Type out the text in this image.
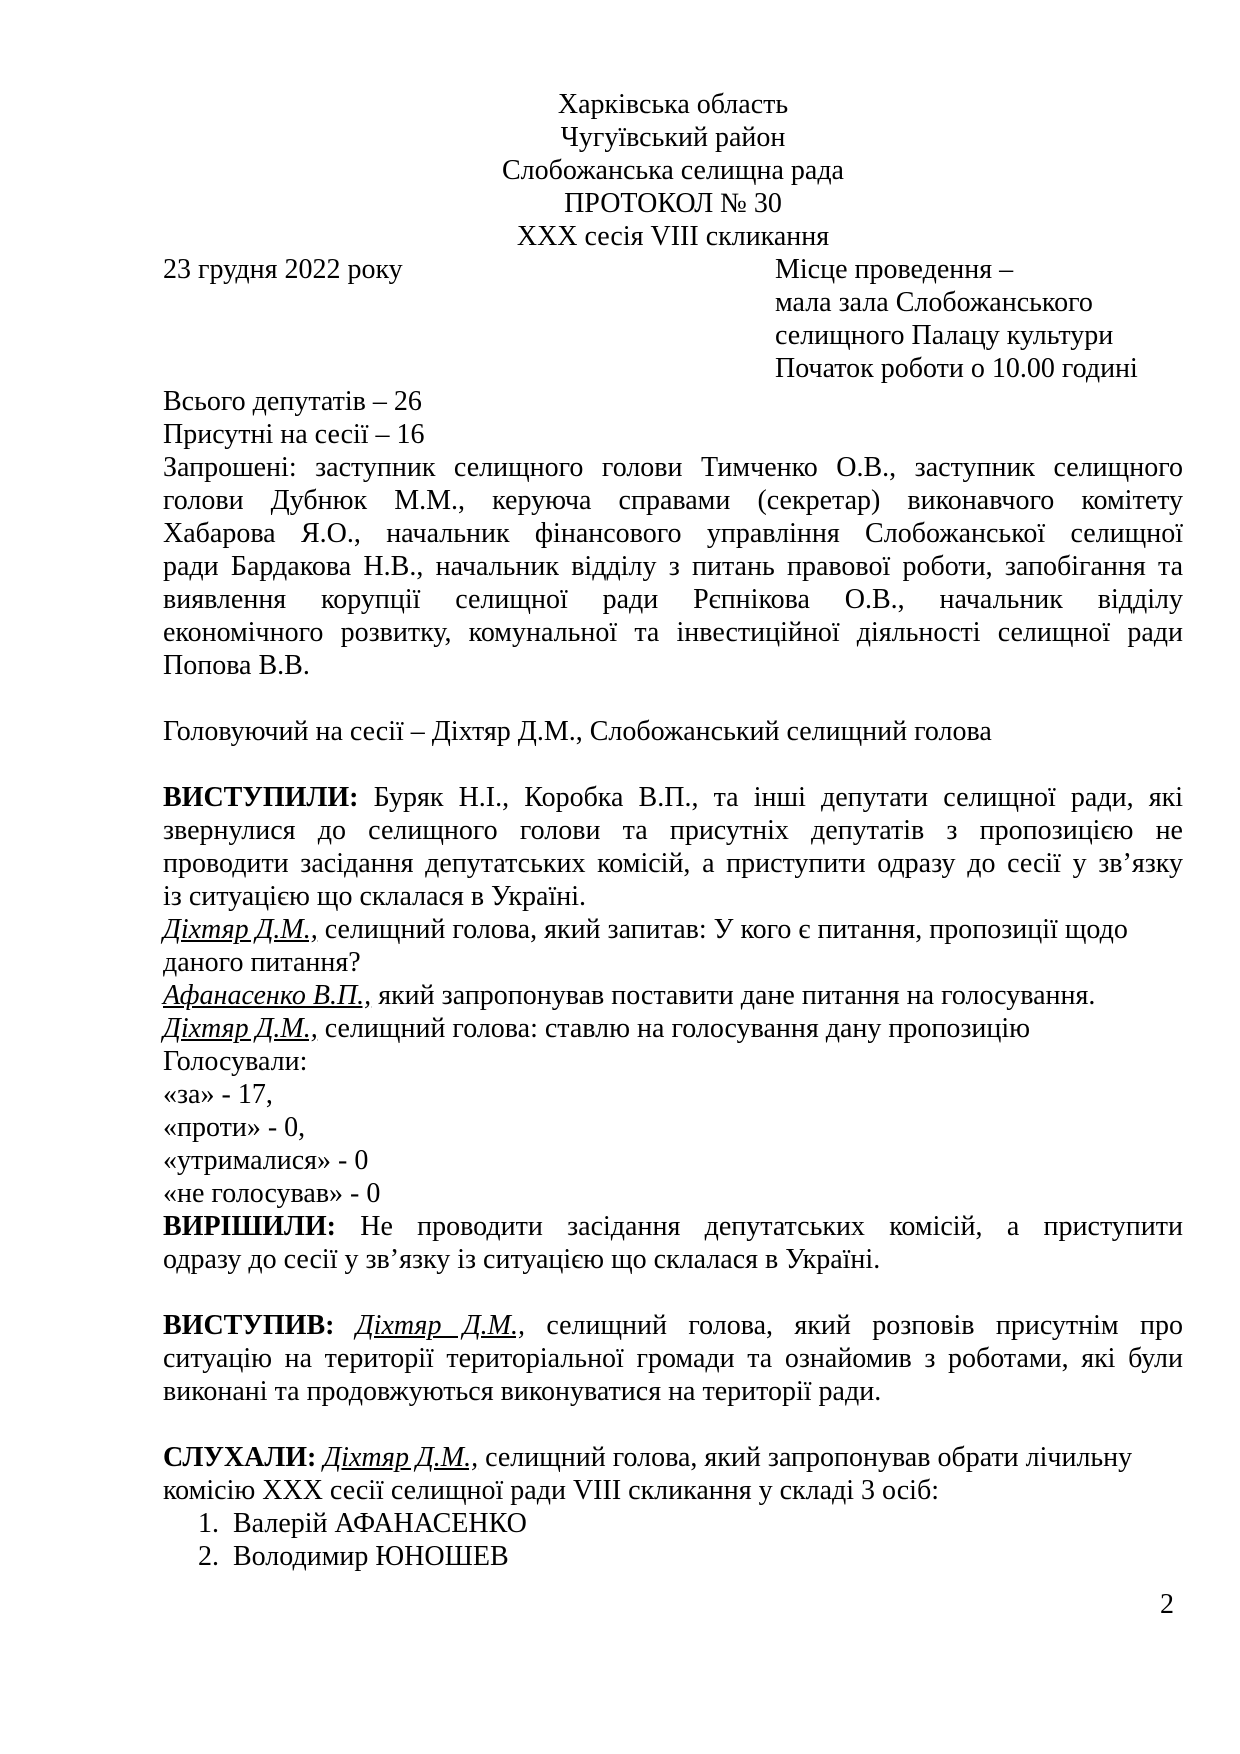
Харківська область
Чугуївський район
Слобожанська селищна рада
ПРОТОКОЛ № 30
XXX сесія VIII скликання
23 грудня 2022 року	Місце проведення –
мала зала Слобожанського
селищного Палацу культури
Початок роботи о 10.00 годині
Всього депутатів – 26
Присутні на сесії – 16
Запрошені: заступник селищного голови Тимченко О.В., заступник селищного
голови Дубнюк М.М., керуюча справами (секретар) виконавчого комітету
Хабарова Я.О., начальник фінансового управління Слобожанської селищної
ради Бардакова Н.В., начальник відділу з питань правової роботи, запобігання та
виявлення корупції селищної ради Рєпнікова О.В., начальник відділу
економічного розвитку, комунальної та інвестиційної діяльності селищної ради
Попова В.В.
Головуючий на сесії – Діхтяр Д.М., Слобожанський селищний голова
ВИСТУПИЛИ: Буряк Н.І., Коробка В.П., та інші депутати селищної ради, які
звернулися до селищного голови та присутніх депутатів з пропозицією не
проводити засідання депутатських комісій, а приступити одразу до сесії у зв’язку
із ситуацією що склалася в Україні.
Діхтяр Д.М., селищний голова, який запитав: У кого є питання, пропозиції щодо
даного питання?
Афанасенко В.П., який запропонував поставити дане питання на голосування.
Діхтяр Д.М., селищний голова: ставлю на голосування дану пропозицію
Голосували:
«за» - 17,
«проти» - 0,
«утрималися» - 0
«не голосував» - 0
ВИРІШИЛИ: Не проводити засідання депутатських комісій, а приступити
одразу до сесії у зв’язку із ситуацією що склалася в Україні.
ВИСТУПИВ: Діхтяр Д.М., селищний голова, який розповів присутнім про
ситуацію на території територіальної громади та ознайомив з роботами, які були
виконані та продовжуються виконуватися на території ради.
СЛУХАЛИ: Діхтяр Д.М., селищний голова, який запропонував обрати лічильну
комісію XXX сесії селищної ради VIII скликання у складі 3 осіб:
1. Валерій АФАНАСЕНКО
2. Володимир ЮНОШЕВ
2
